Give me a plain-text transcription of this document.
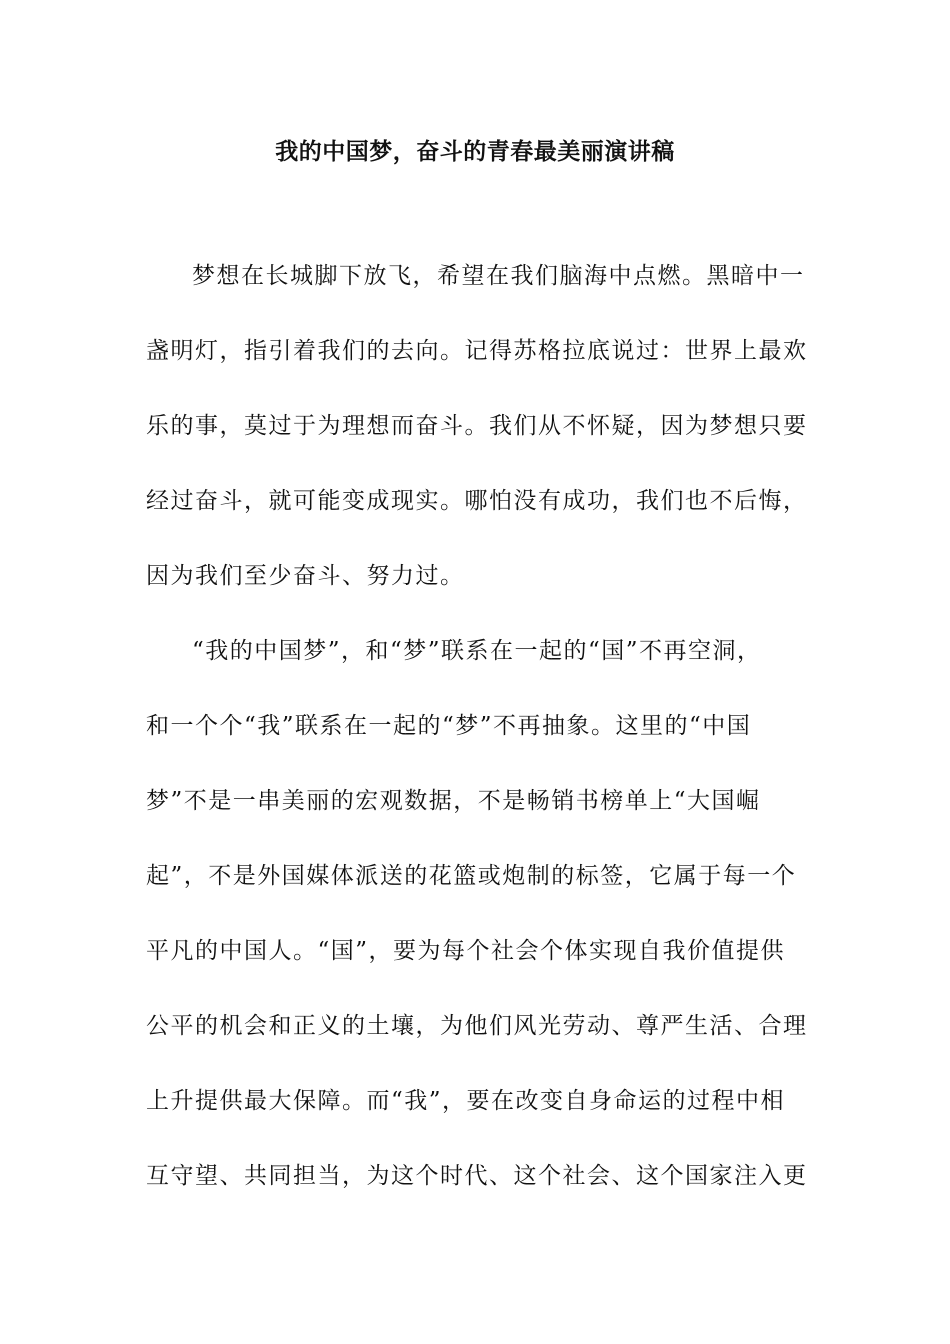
我的中国梦，奋斗的青春最美丽演讲稿
梦想在长城脚下放飞，希望在我们脑海中点燃。黑暗中一
盏明灯，指引着我们的去向。记得苏格拉底说过：世界上最欢
乐的事，莫过于为理想而奋斗。我们从不怀疑，因为梦想只要
经过奋斗，就可能变成现实。哪怕没有成功，我们也不后悔，
因为我们至少奋斗、努力过。
“我的中国梦”，和“梦”联系在一起的“国”不再空洞，
和一个个“我”联系在一起的“梦”不再抽象。这里的“中国
梦”不是一串美丽的宏观数据，不是畅销书榜单上“大国崛
起”，不是外国媒体派送的花篮或炮制的标签，它属于每一个
平凡的中国人。“国”，要为每个社会个体实现自我价值提供
公平的机会和正义的土壤，为他们风光劳动、尊严生活、合理
上升提供最大保障。而“我”，要在改变自身命运的过程中相
互守望、共同担当，为这个时代、这个社会、这个国家注入更
